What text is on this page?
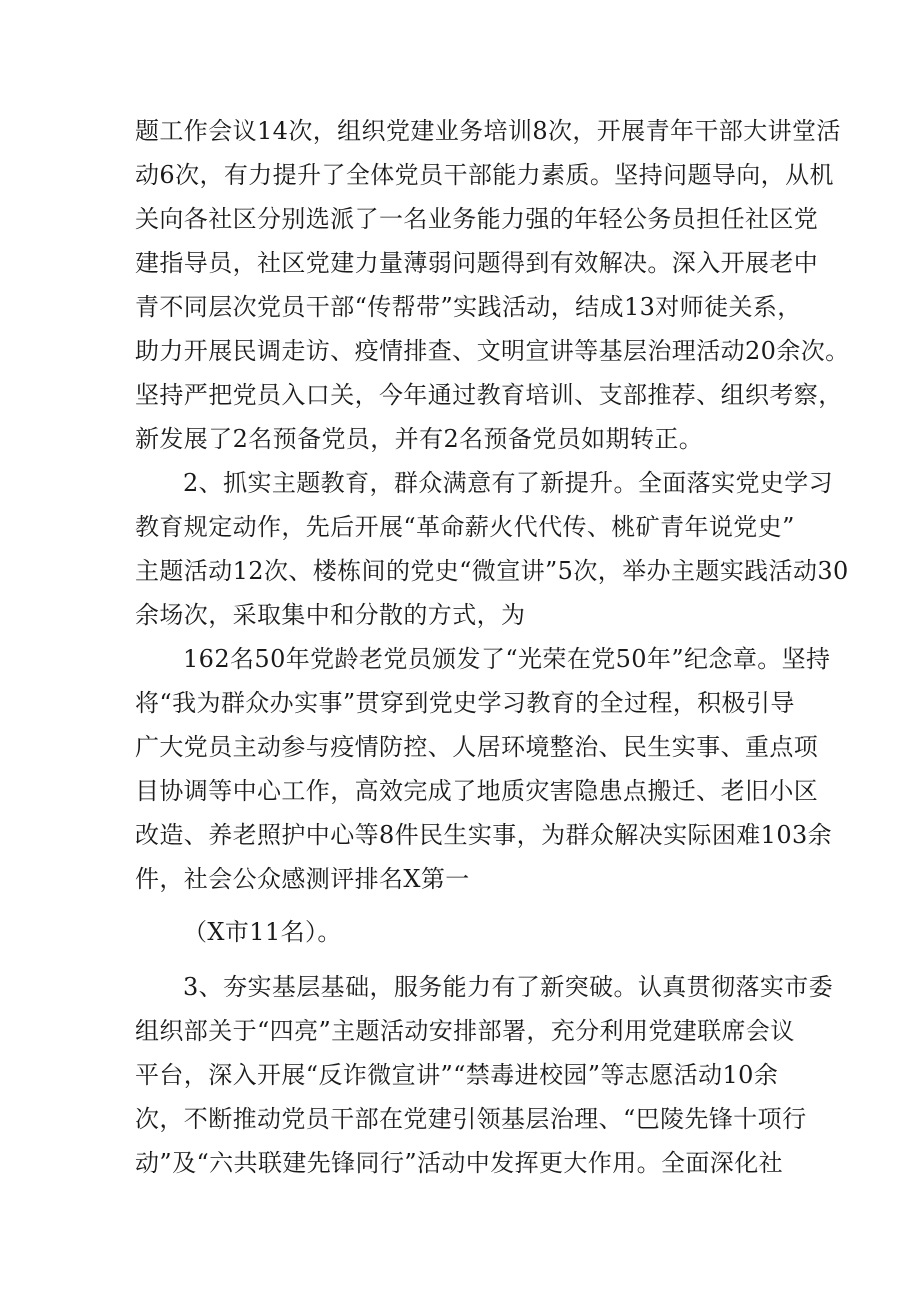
题工作会议14次，组织党建业务培训8次，开展青年干部大讲堂活
动6次，有力提升了全体党员干部能力素质。坚持问题导向，从机
关向各社区分别选派了一名业务能力强的年轻公务员担任社区党
建指导员，社区党建力量薄弱问题得到有效解决。深入开展老中
青不同层次党员干部“传帮带”实践活动，结成13对师徒关系，
助力开展民调走访、疫情排查、文明宣讲等基层治理活动20余次。
坚持严把党员入口关，今年通过教育培训、支部推荐、组织考察，
新发展了2名预备党员，并有2名预备党员如期转正。
2、抓实主题教育，群众满意有了新提升。全面落实党史学习
教育规定动作，先后开展“革命薪火代代传、桃矿青年说党史”
主题活动12次、楼栋间的党史“微宣讲”5次，举办主题实践活动30
余场次，采取集中和分散的方式，为
162名50年党龄老党员颁发了“光荣在党50年”纪念章。坚持
将“我为群众办实事”贯穿到党史学习教育的全过程，积极引导
广大党员主动参与疫情防控、人居环境整治、民生实事、重点项
目协调等中心工作，高效完成了地质灾害隐患点搬迁、老旧小区
改造、养老照护中心等8件民生实事，为群众解决实际困难103余
件，社会公众感测评排名X第一
（X市11名）。
3、夯实基层基础，服务能力有了新突破。认真贯彻落实市委
组织部关于“四亮”主题活动安排部署，充分利用党建联席会议
平台，深入开展“反诈微宣讲”“禁毒进校园”等志愿活动10余
次，不断推动党员干部在党建引领基层治理、“巴陵先锋十项行
动”及“六共联建先锋同行”活动中发挥更大作用。全面深化社
